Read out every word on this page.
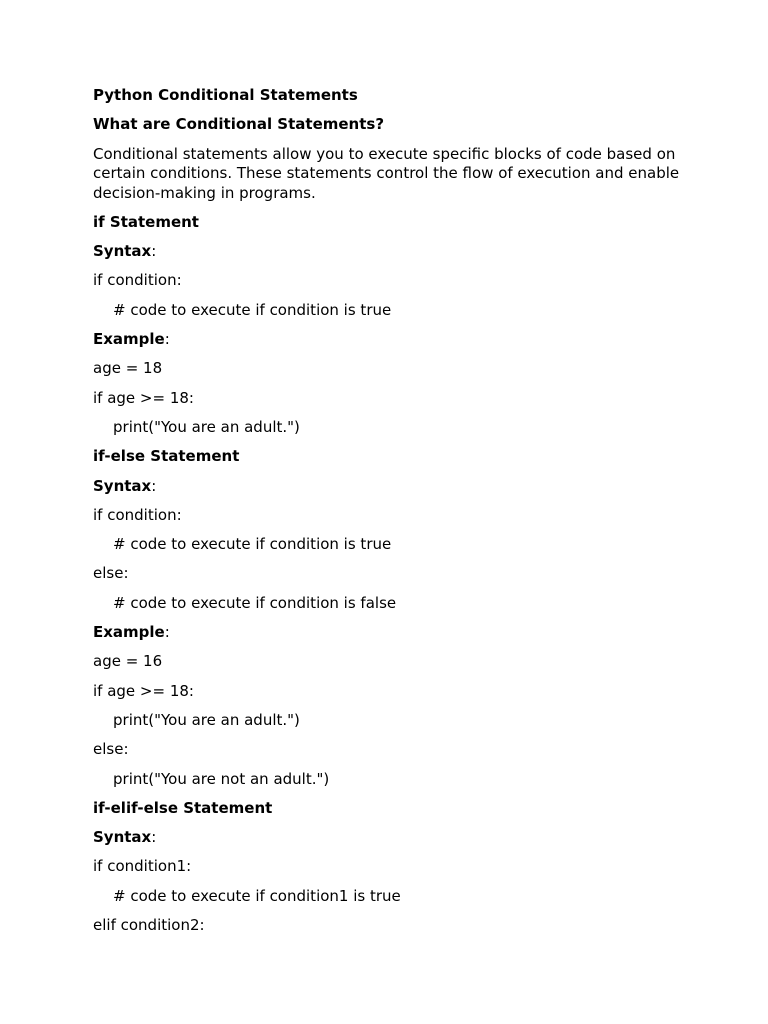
Python Conditional Statements
What are Conditional Statements?
Conditional statements allow you to execute specific blocks of code based on certain conditions. These statements control the flow of execution and enable decision-making in programs.
if Statement
Syntax:
if condition:
# code to execute if condition is true
Example:
age = 18
if age >= 18:
print("You are an adult.")
if-else Statement
Syntax:
if condition:
# code to execute if condition is true
else:
# code to execute if condition is false
Example:
age = 16
if age >= 18:
print("You are an adult.")
else:
print("You are not an adult.")
if-elif-else Statement
Syntax:
if condition1:
# code to execute if condition1 is true
elif condition2:
